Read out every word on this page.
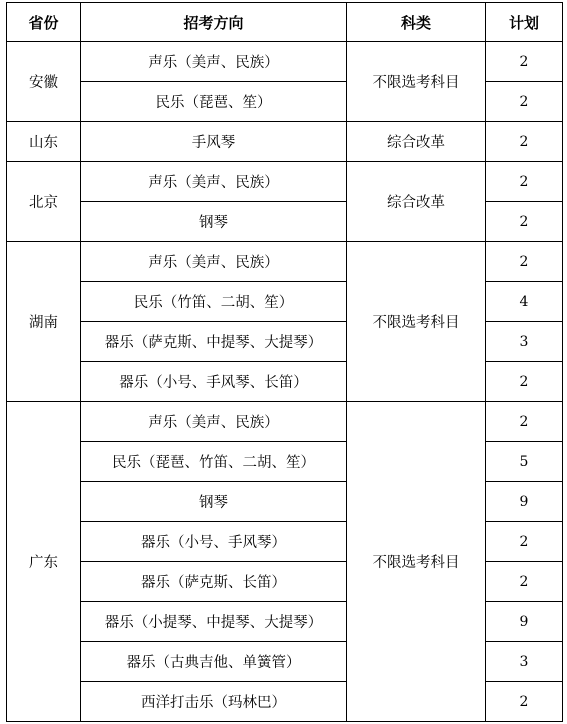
省份	招考方向	科类	计划
安徽	声乐（美声、民族）	不限选考科目	2
	民乐（琵琶、笙）		2
山东	手风琴	综合改革	2
北京	声乐（美声、民族）	综合改革	2
	钢琴		2
湖南	声乐（美声、民族）	不限选考科目	2
	民乐（竹笛、二胡、笙）		4
	器乐（萨克斯、中提琴、大提琴）		3
	器乐（小号、手风琴、长笛）		2
广东	声乐（美声、民族）	不限选考科目	2
	民乐（琵琶、竹笛、二胡、笙）		5
	钢琴		9
	器乐（小号、手风琴）		2
	器乐（萨克斯、长笛）		2
	器乐（小提琴、中提琴、大提琴）		9
	器乐（古典吉他、单簧管）		3
	西洋打击乐（玛林巴）		2
